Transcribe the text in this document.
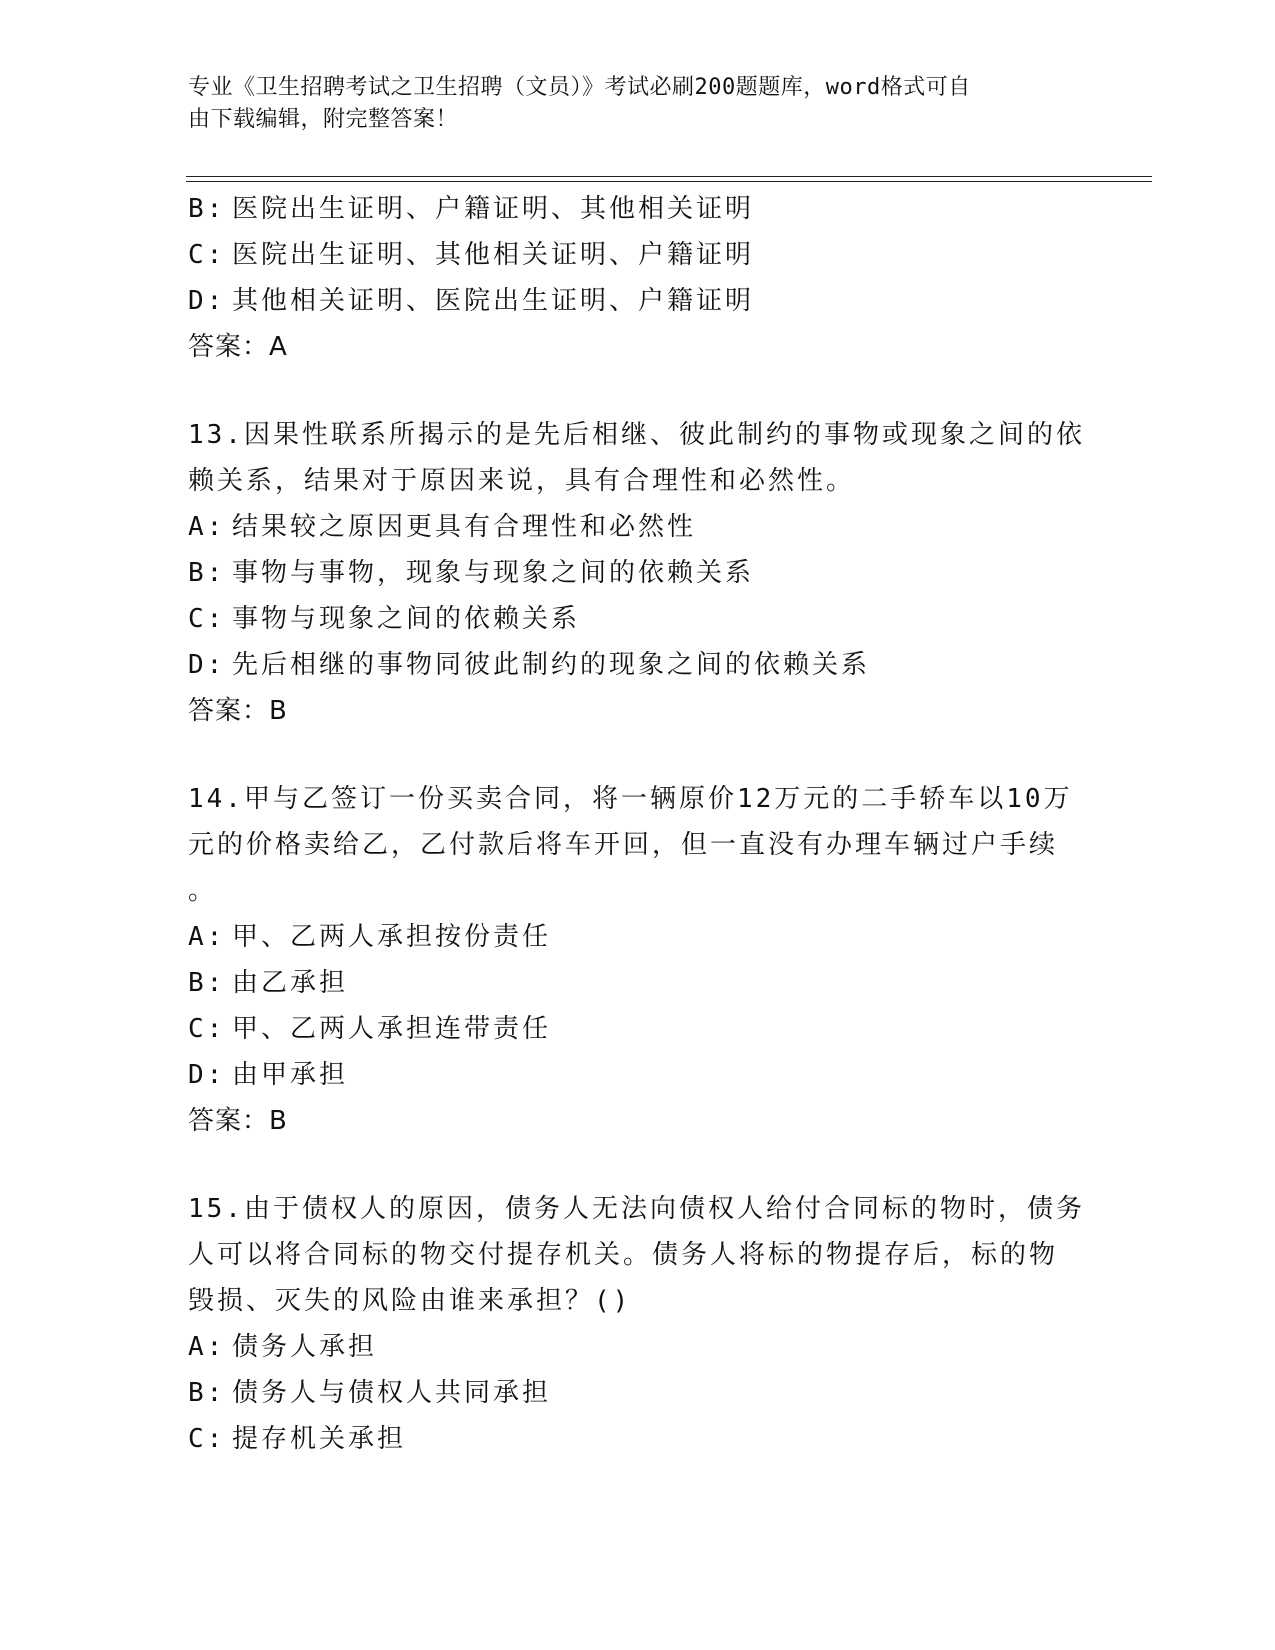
专业《卫生招聘考试之卫生招聘（文员）》考试必刷200题题库，word格式可自
由下载编辑，附完整答案！
B: 医院出生证明、户籍证明、其他相关证明
C: 医院出生证明、其他相关证明、户籍证明
D: 其他相关证明、医院出生证明、户籍证明
答案：A
13.因果性联系所揭示的是先后相继、彼此制约的事物或现象之间的依
赖关系，结果对于原因来说，具有合理性和必然性。
A: 结果较之原因更具有合理性和必然性
B: 事物与事物，现象与现象之间的依赖关系
C: 事物与现象之间的依赖关系
D: 先后相继的事物同彼此制约的现象之间的依赖关系
答案：B
14.甲与乙签订一份买卖合同，将一辆原价12万元的二手轿车以10万
元的价格卖给乙，乙付款后将车开回，但一直没有办理车辆过户手续
。
A: 甲、乙两人承担按份责任
B: 由乙承担
C: 甲、乙两人承担连带责任
D: 由甲承担
答案：B
15.由于债权人的原因，债务人无法向债权人给付合同标的物时，债务
人可以将合同标的物交付提存机关。债务人将标的物提存后，标的物
毁损、灭失的风险由谁来承担？()
A: 债务人承担
B: 债务人与债权人共同承担
C: 提存机关承担
